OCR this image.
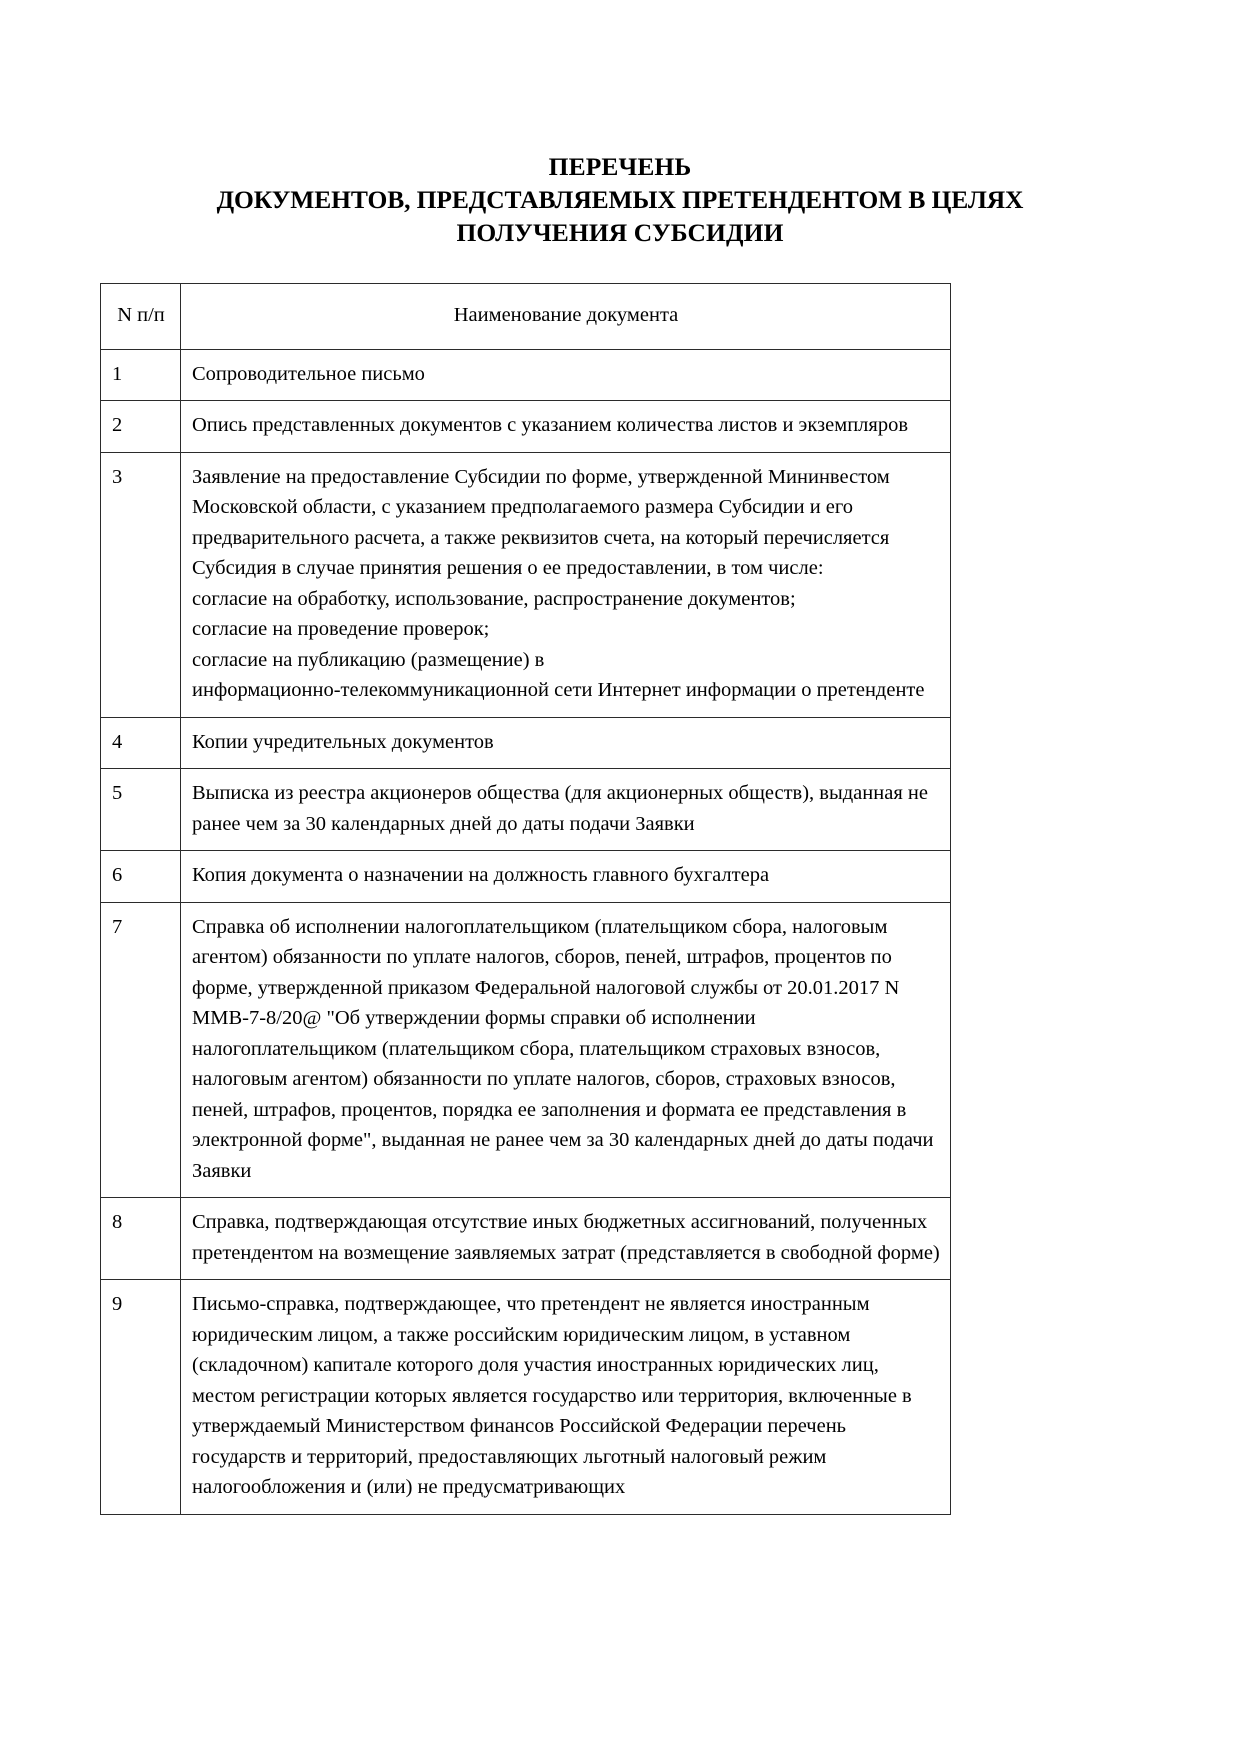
ПЕРЕЧЕНЬ
ДОКУМЕНТОВ, ПРЕДСТАВЛЯЕМЫХ ПРЕТЕНДЕНТОМ В ЦЕЛЯХ
ПОЛУЧЕНИЯ СУБСИДИИ
N п/п	Наименование документа
1	Сопроводительное письмо

2	Опись представленных документов с указанием количества листов и экземпляров

3	Заявление на предоставление Субсидии по форме, утвержденной Мининвестом Московской области, с указанием предполагаемого размера Субсидии и его предварительного расчета, а также реквизитов счета, на который перечисляется Субсидия в случае принятия решения о ее предоставлении, в том числе:

согласие на обработку, использование, распространение документов;

согласие на проведение проверок;

согласие на публикацию (размещение) в

информационно-телекоммуникационной сети Интернет информации о претенденте

4	Копии учредительных документов

5	Выписка из реестра акционеров общества (для акционерных обществ), выданная не ранее чем за 30 календарных дней до даты подачи Заявки

6	Копия документа о назначении на должность главного бухгалтера

7	Справка об исполнении налогоплательщиком (плательщиком сбора, налоговым агентом) обязанности по уплате налогов, сборов, пеней, штрафов, процентов по форме, утвержденной приказом Федеральной налоговой службы от 20.01.2017 N ММВ-7-8/20@ "Об утверждении формы справки об исполнении налогоплательщиком (плательщиком сбора, плательщиком страховых взносов, налоговым агентом) обязанности по уплате налогов, сборов, страховых взносов, пеней, штрафов, процентов, порядка ее заполнения и формата ее представления в электронной форме", выданная не ранее чем за 30 календарных дней до даты подачи Заявки

8	Справка, подтверждающая отсутствие иных бюджетных ассигнований, полученных претендентом на возмещение заявляемых затрат (представляется в свободной форме)

9	Письмо-справка, подтверждающее, что претендент не является иностранным юридическим лицом, а также российским юридическим лицом, в уставном (складочном) капитале которого доля участия иностранных юридических лиц, местом регистрации которых является государство или территория, включенные в утверждаемый Министерством финансов Российской Федерации перечень государств и территорий, предоставляющих льготный налоговый режим налогообложения и (или) не предусматривающих
